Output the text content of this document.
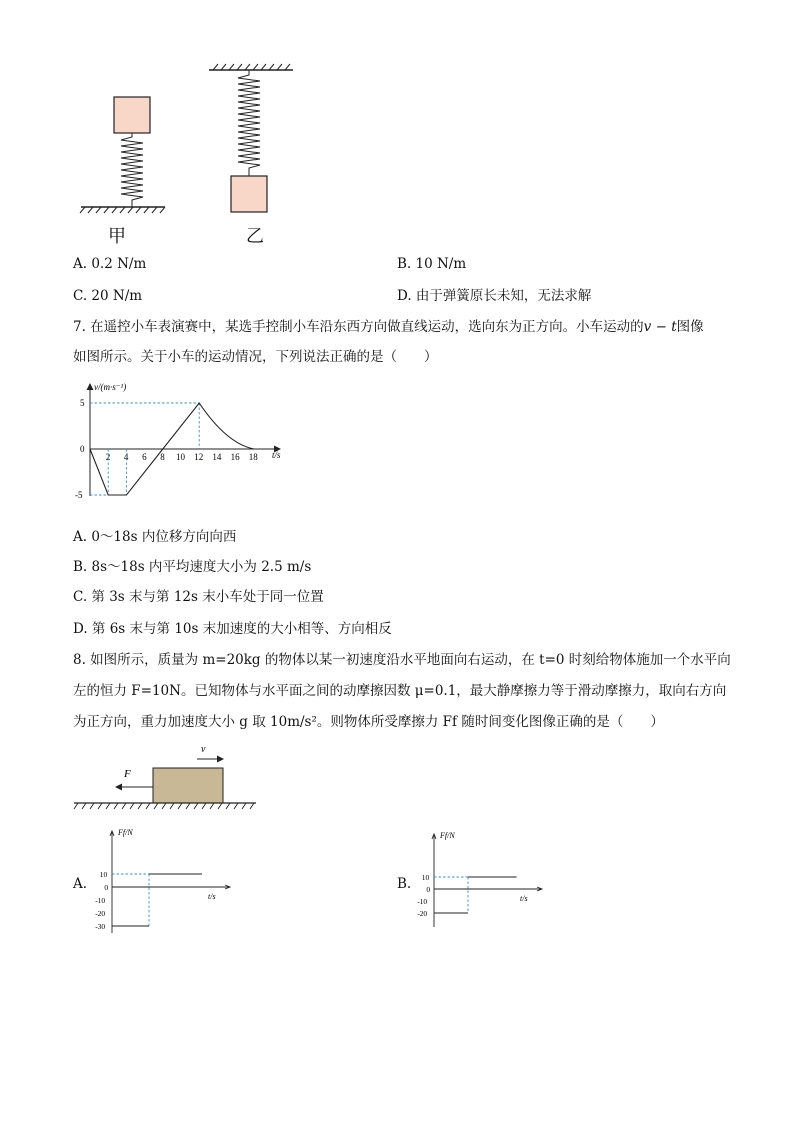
甲	乙
A. 0.2 N/m	B. 10 N/m
C. 20 N/m	D. 由于弹簧原长未知，无法求解
7. 在遥控小车表演赛中，某选手控制小车沿东西方向做直线运动，选向东为正方向。小车运动的v − t图像
如图所示。关于小车的运动情况，下列说法正确的是（　　）
v/(m·s⁻¹)
t/s
2 4 6 8 10 12 14 16 18
5
0
-5
A. 0～18s 内位移方向向西
B. 8s～18s 内平均速度大小为 2.5 m/s
C. 第 3s 末与第 12s 末小车处于同一位置
D. 第 6s 末与第 10s 末加速度的大小相等、方向相反
8. 如图所示，质量为 m=20kg 的物体以某一初速度沿水平地面向右运动，在 t=0 时刻给物体施加一个水平向
左的恒力 F=10N。已知物体与水平面之间的动摩擦因数 μ=0.1，最大静摩擦力等于滑动摩擦力，取向右方向
为正方向，重力加速度大小 g 取 10m/s²。则物体所受摩擦力 Ff 随时间变化图像正确的是（　　）
F
v
A.
Ff/N
t/s
10
0
-10
-20
-30
B.
Ff/N
t/s
10
0
-10
-20
